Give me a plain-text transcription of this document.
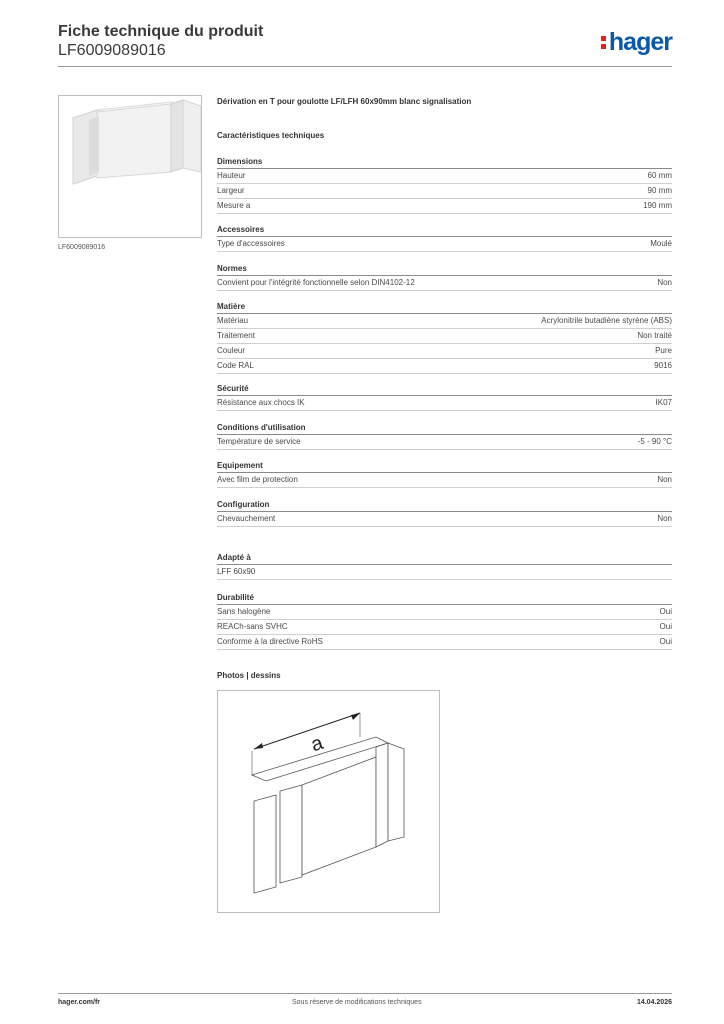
Fiche technique du produit
LF6009089016	hager
LF6009089016
Dérivation en T pour goulotte LF/LFH 60x90mm blanc signalisation
Caractéristiques techniques
Dimensions
Hauteur	60 mm
Largeur	90 mm
Mesure a	190 mm
Accessoires
Type d'accessoires	Moulé
Normes
Convient pour l'intégrité fonctionnelle selon DIN4102-12	Non
Matière
Matériau	Acrylonitrile butadiène styrène (ABS)
Traitement	Non traité
Couleur	Pure
Code RAL	9016
Sécurité
Résistance aux chocs IK	IK07
Conditions d'utilisation
Température de service	-5 - 90 °C
Equipement
Avec film de protection	Non
Configuration
Chevauchement	Non
Adapté à
LFF 60x90
Durabilité
Sans halogène	Oui
REACh-sans SVHC	Oui
Conforme à la directive RoHS	Oui
Photos | dessins
a
hager.com/fr	Sous réserve de modifications techniques	14.04.2026
